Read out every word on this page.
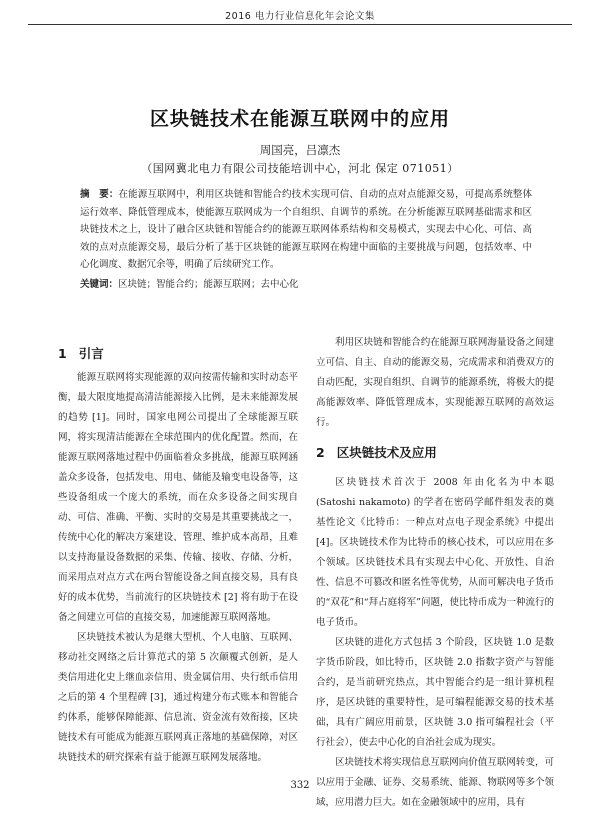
2016 电力行业信息化年会论文集
区块链技术在能源互联网中的应用
周国亮，吕凛杰
（国网冀北电力有限公司技能培训中心，河北 保定 071051）

摘　要：在能源互联网中，利用区块链和智能合约技术实现可信、自动的点对点能源交易，可提高系统整体运行效率、降低管理成本，使能源互联网成为一个自组织、自调节的系统。在分析能源互联网基础需求和区块链技术之上，设计了融合区块链和智能合约的能源互联网体系结构和交易模式，实现去中心化、可信、高效的点对点能源交易，最后分析了基于区块链的能源互联网在构建中面临的主要挑战与问题，包括效率、中心化调度、数据冗余等，明确了后续研究工作。

关键词：区块链；智能合约；能源互联网；去中心化

1 引言

能源互联网将实现能源的双向按需传输和实时动态平衡，最大限度地提高清洁能源接入比例，是未来能源发展的趋势 [1]。同时，国家电网公司提出了全球能源互联网，将实现清洁能源在全球范围内的优化配置。然而，在能源互联网落地过程中仍面临着众多挑战，能源互联网涵盖众多设备，包括发电、用电、储能及输变电设备等，这些设备组成一个庞大的系统，而在众多设备之间实现自动、可信、准确、平衡、实时的交易是其重要挑战之一，传统中心化的解决方案建设、管理、维护成本高昂，且难以支持海量设备数据的采集、传输、接收、存储、分析，而采用点对点方式在两台智能设备之间直接交易，具有良好的成本优势，当前流行的区块链技术 [2] 将有助于在设备之间建立可信的直接交易，加速能源互联网落地。

区块链技术被认为是继大型机、个人电脑、互联网、移动社交网络之后计算范式的第 5 次颠覆式创新，是人类信用进化史上继血亲信用、贵金属信用、央行纸币信用之后的第 4 个里程碑 [3]，通过构建分布式账本和智能合约体系，能够保障能源、信息流、资金流有效衔接，区块链技术有可能成为能源互联网真正落地的基础保障，对区块链技术的研究探索有益于能源互联网发展落地。

利用区块链和智能合约在能源互联网海量设备之间建立可信、自主、自动的能源交易，完成需求和消费双方的自动匹配，实现自组织、自调节的能源系统，将极大的提高能源效率、降低管理成本，实现能源互联网的高效运行。

2 区块链技术及应用

区块链技术首次于 2008 年由化名为中本聪 (Satoshi nakamoto) 的学者在密码学邮件组发表的奠基性论文《比特币：一种点对点电子现金系统》中提出 [4]。区块链技术作为比特币的核心技术，可以应用在多个领域。区块链技术具有实现去中心化、开放性、自治性、信息不可篡改和匿名性等优势，从而可解决电子货币的“双花”和“拜占庭将军”问题，使比特币成为一种流行的电子货币。

区块链的进化方式包括 3 个阶段，区块链 1.0 是数字货币阶段，如比特币，区块链 2.0 指数字资产与智能合约，是当前研究热点，其中智能合约是一组计算机程序，是区块链的重要特性，是可编程能源交易的技术基础，具有广阔应用前景，区块链 3.0 指可编程社会（平行社会），使去中心化的自治社会成为现实。

区块链技术将实现信息互联网向价值互联网转变，可以应用于金融、证券、交易系统、能源、物联网等多个领域，应用潜力巨大。如在金融领域中的应用，具有

332
